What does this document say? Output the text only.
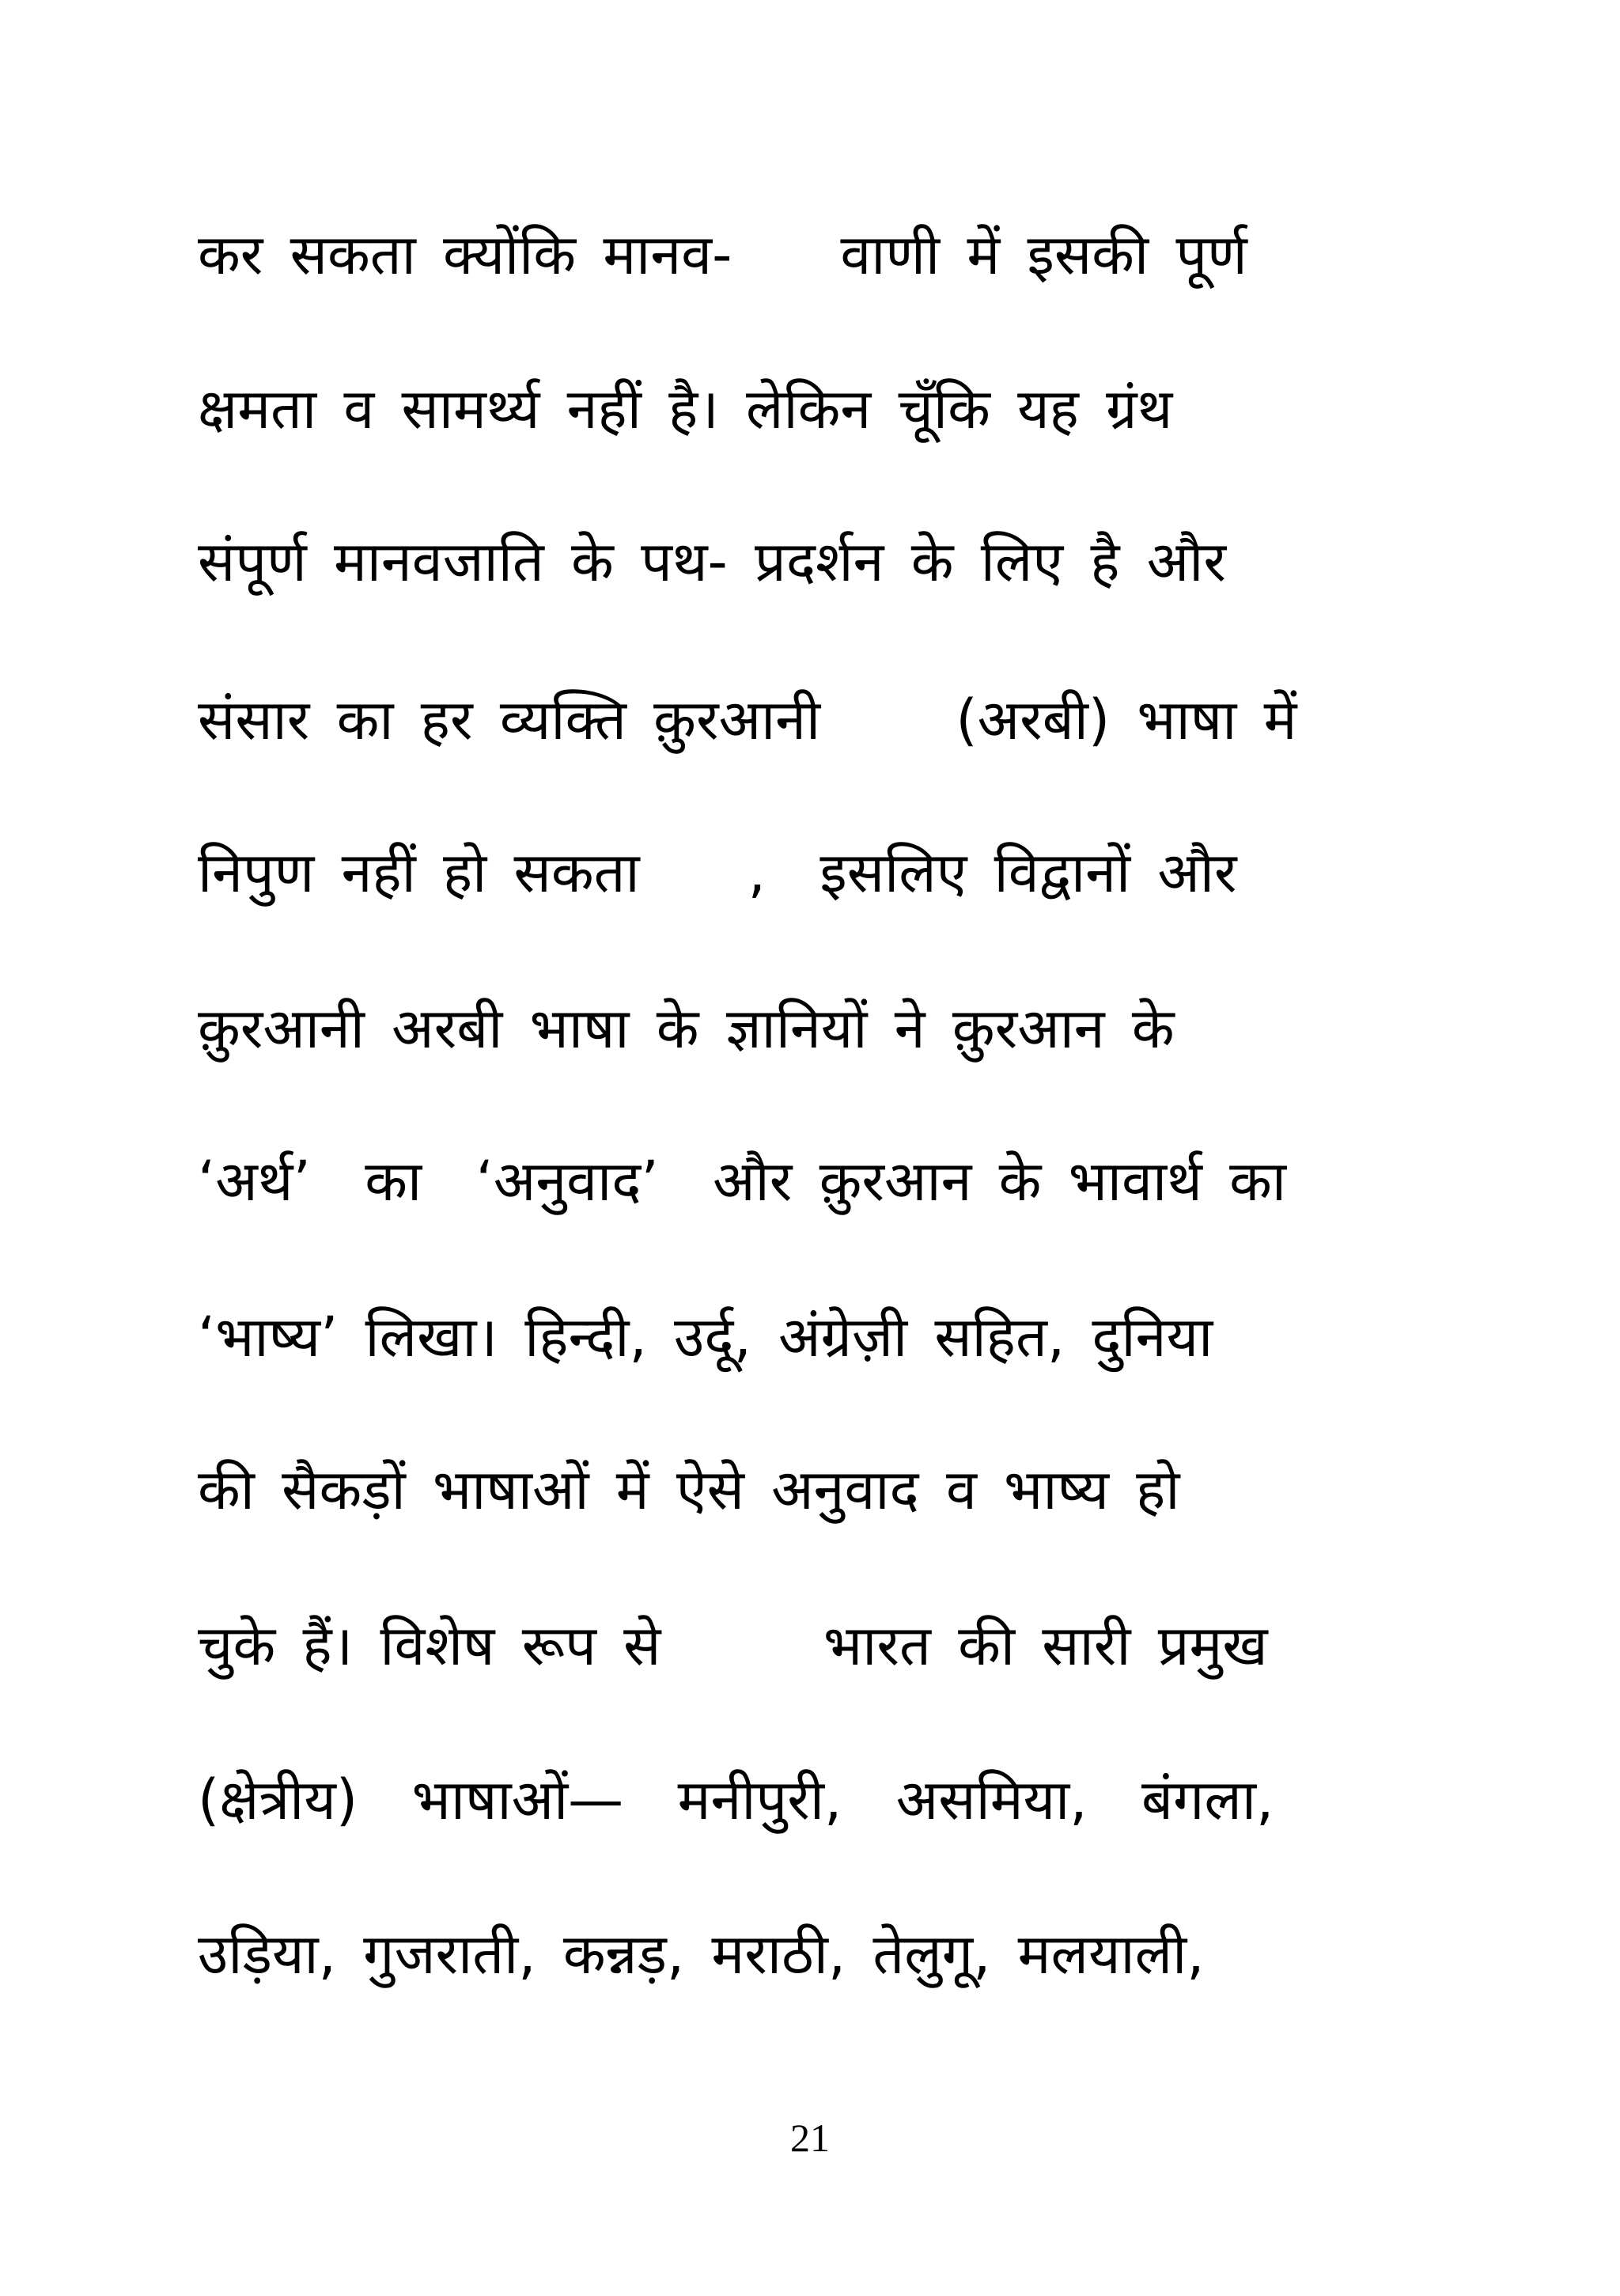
कर सकता क्योंकि मानव-    वाणी में इसकी पूर्ण
क्षमता व सामर्थ्य नहीं है। लेकिन चूँकि यह ग्रंथ
संपूर्ण मानवजाति के पथ- प्रदर्शन के लिए है और
संसार का हर व्यक्ति क़ुरआनी     (अरबी) भाषा में
निपुण नहीं हो सकता    ,  इसलिए विद्वानों और
क़ुरआनी अरबी भाषा के ज्ञानियों ने क़ुरआन के
‘अर्थ’  का  ‘अनुवाद’  और क़ुरआन के भावार्थ का
‘भाष्य’ लिखा। हिन्दी, उर्दू, अंग्रेज़ी सहित, दुनिया
की सैकड़ों भाषाओं में ऐसे अनुवाद व भाष्य हो
चुके हैं। विशेष रूप से      भारत की सारी प्रमुख
(क्षेत्रीय)  भाषाओं—  मनीपुरी,  असमिया,  बंगला,
उड़िया, गुजराती, कन्नड़, मराठी, तेलुगू, मलयाली,
21
